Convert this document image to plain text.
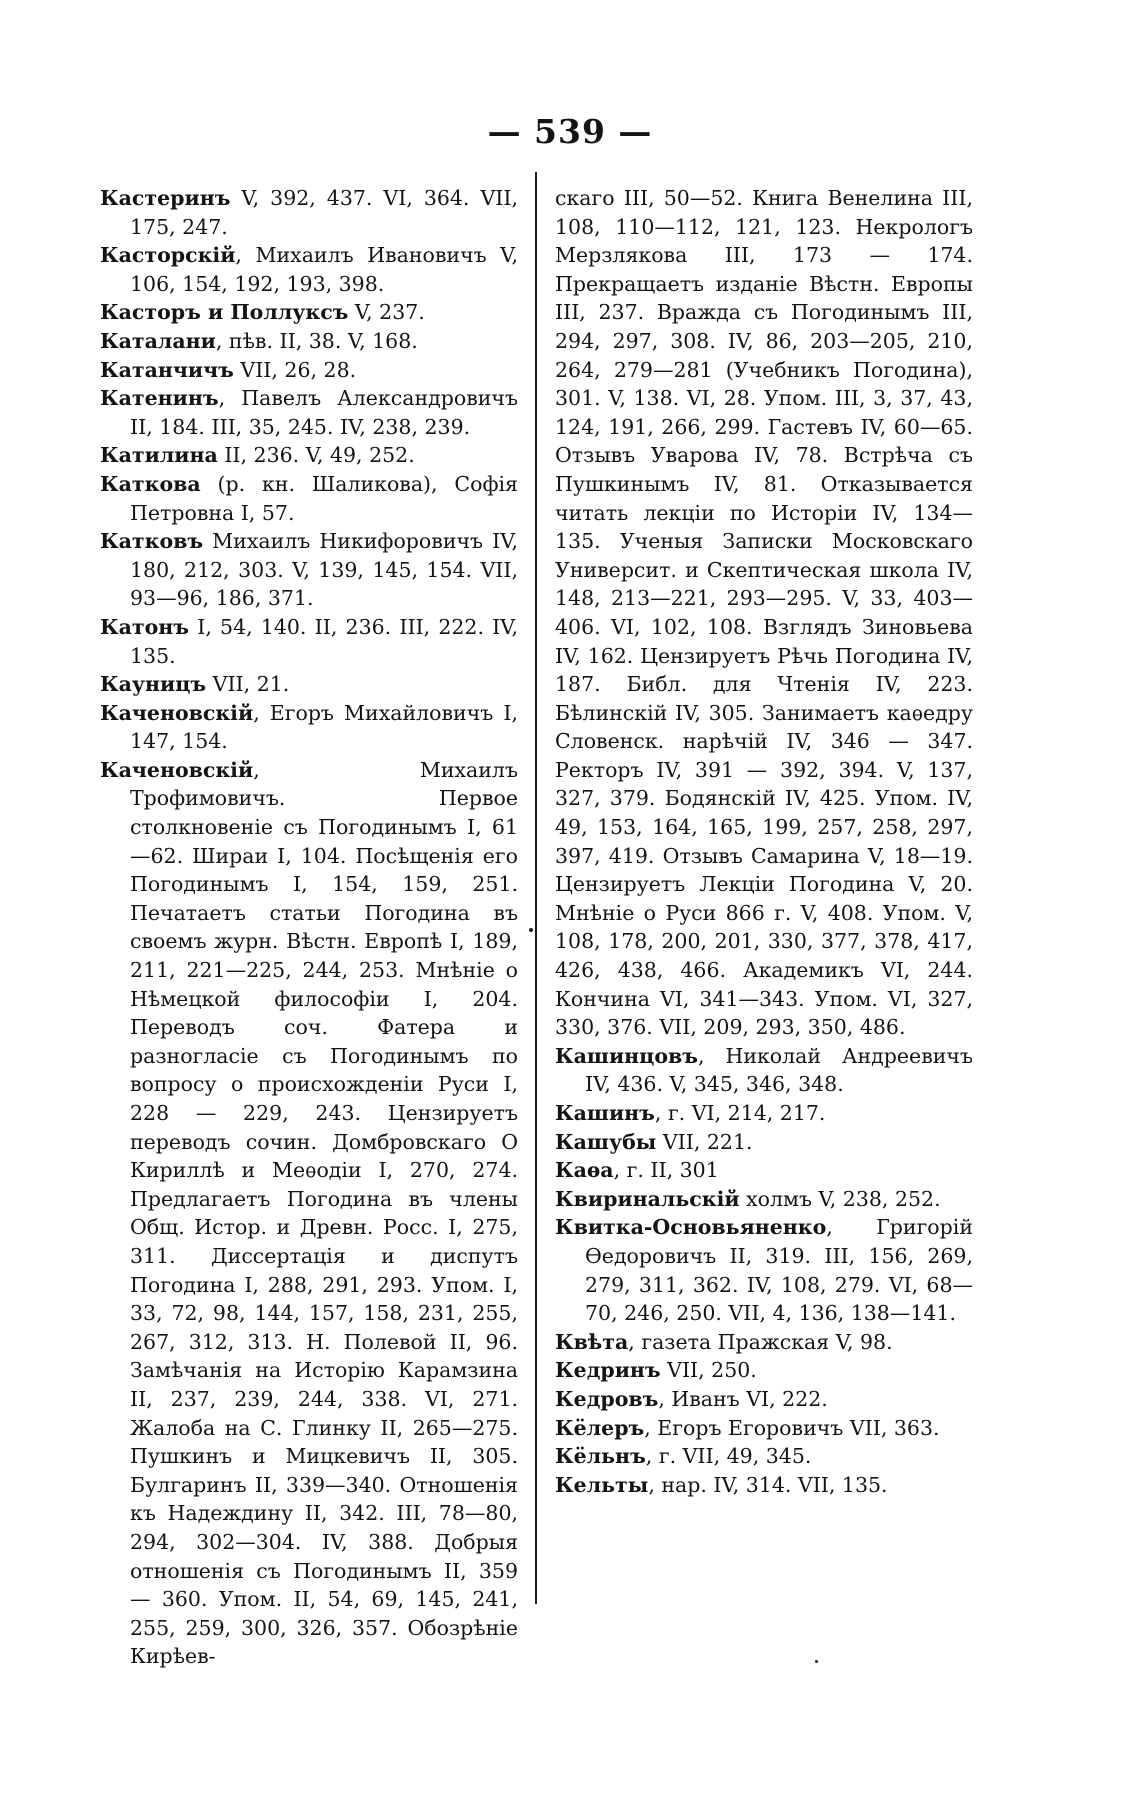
— 539 —

Кастеринъ V, 392, 437. VI, 364. VII, 175, 247.

Касторскій, Михаилъ Ивановичъ V, 106, 154, 192, 193, 398.

Касторъ и Поллуксъ V, 237.

Каталани, пѣв. II, 38. V, 168.

Катанчичъ VII, 26, 28.

Катенинъ, Павелъ Александровичъ II, 184. III, 35, 245. IV, 238, 239.

Катилина II, 236. V, 49, 252.

Каткова (р. кн. Шаликова), Софія Петровна I, 57.

Катковъ Михаилъ Никифоровичъ IV, 180, 212, 303. V, 139, 145, 154. VII, 93—96, 186, 371.

Катонъ I, 54, 140. II, 236. III, 222. IV, 135.

Кауницъ VII, 21.

Каченовскій, Егоръ Михайловичъ I, 147, 154.

Каченовскій, Михаилъ Трофимовичъ. Первое столкновеніе съ Погодинымъ I, 61—62. Шираи I, 104. Посѣщенія его Погодинымъ I, 154, 159, 251. Печатаетъ статьи Погодина въ своемъ журн. Вѣстн. Европѣ I, 189, 211, 221—225, 244, 253. Мнѣніе о Нѣмецкой философіи I, 204. Переводъ соч. Фатера и разногласіе съ Погодинымъ по вопросу о происхожденіи Руси I, 228 — 229, 243. Цензируетъ переводъ сочин. Домбровскаго О Кириллѣ и Меѳодіи I, 270, 274. Предлагаетъ Погодина въ члены Общ. Истор. и Древн. Росс. I, 275, 311. Диссертація и диспутъ Погодина I, 288, 291, 293. Упом. I, 33, 72, 98, 144, 157, 158, 231, 255, 267, 312, 313. Н. Полевой II, 96. Замѣчанія на Исторію Карамзина II, 237, 239, 244, 338. VI, 271. Жалоба на С. Глинку II, 265—275. Пушкинъ и Мицкевичъ II, 305. Булгаринъ II, 339—340. Отношенія къ Надеждину II, 342. III, 78—80, 294, 302—304. IV, 388. Добрыя отношенія съ Погодинымъ II, 359 — 360. Упом. II, 54, 69, 145, 241, 255, 259, 300, 326, 357. Обозрѣніе Кирѣев-

скаго III, 50—52. Книга Венелина III, 108, 110—112, 121, 123. Некрологъ Мерзлякова III, 173 — 174. Прекращаетъ изданіе Вѣстн. Европы III, 237. Вражда съ Погодинымъ III, 294, 297, 308. IV, 86, 203—205, 210, 264, 279—281 (Учебникъ Погодина), 301. V, 138. VI, 28. Упом. III, 3, 37, 43, 124, 191, 266, 299. Гастевъ IV, 60—65. Отзывъ Уварова IV, 78. Встрѣча съ Пушкинымъ IV, 81. Отказывается читать лекціи по Исторіи IV, 134—135. Ученыя Записки Московскаго Университ. и Скептическая школа IV, 148, 213—221, 293—295. V, 33, 403—406. VI, 102, 108. Взглядъ Зиновьева IV, 162. Цензируетъ Рѣчь Погодина IV, 187. Библ. для Чтенія IV, 223. Бѣлинскій IV, 305. Занимаетъ каѳедру Словенск. нарѣчій IV, 346 — 347. Ректоръ IV, 391 — 392, 394. V, 137, 327, 379. Бодянскій IV, 425. Упом. IV, 49, 153, 164, 165, 199, 257, 258, 297, 397, 419. Отзывъ Самарина V, 18—19. Цензируетъ Лекціи Погодина V, 20. Мнѣніе о Руси 866 г. V, 408. Упом. V, 108, 178, 200, 201, 330, 377, 378, 417, 426, 438, 466. Академикъ VI, 244. Кончина VI, 341—343. Упом. VI, 327, 330, 376. VII, 209, 293, 350, 486.

Кашинцовъ, Николай Андреевичъ IV, 436. V, 345, 346, 348.

Кашинъ, г. VI, 214, 217.

Кашубы VII, 221.

Каѳа, г. II, 301

Квиринальскій холмъ V, 238, 252.

Квитка-Основьяненко, Григорій Ѳедоровичъ II, 319. III, 156, 269, 279, 311, 362. IV, 108, 279. VI, 68—70, 246, 250. VII, 4, 136, 138—141.

Квѣта, газета Пражская V, 98.

Кедринъ VII, 250.

Кедровъ, Иванъ VI, 222.

Кёлеръ, Егоръ Егоровичъ VII, 363.

Кёльнъ, г. VII, 49, 345.

Кельты, нар. IV, 314. VII, 135.
